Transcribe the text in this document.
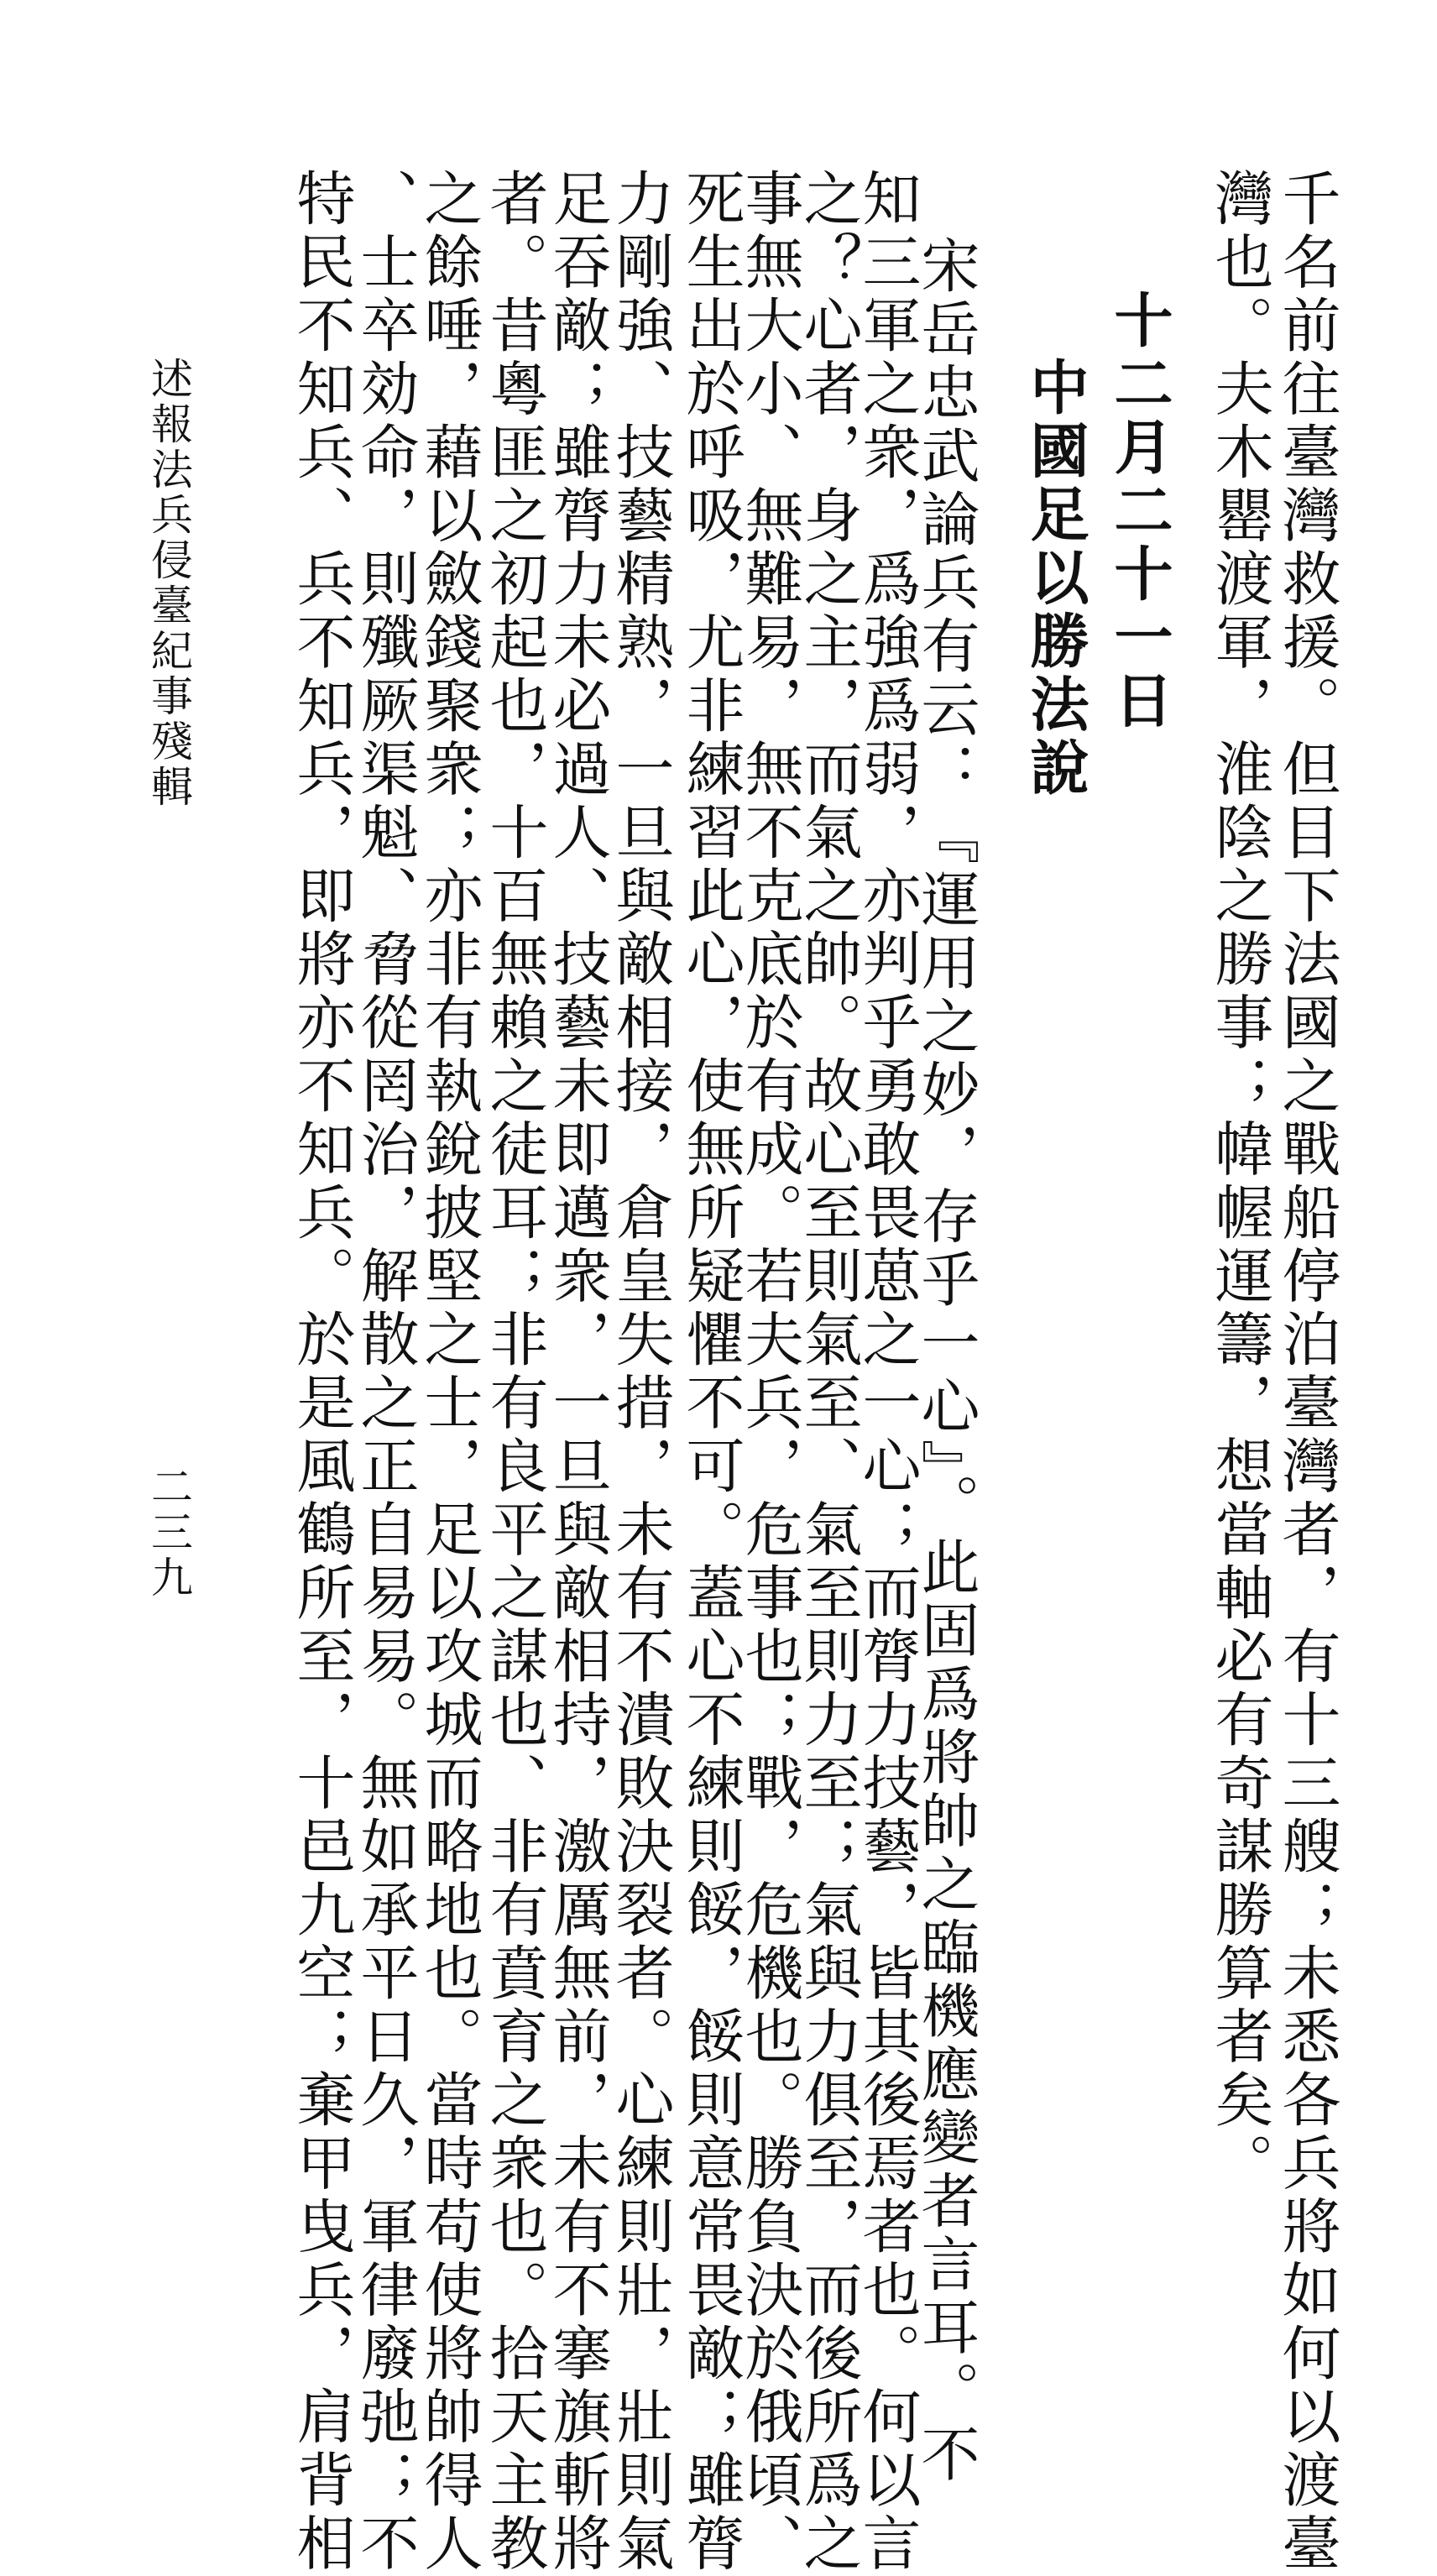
千名前往臺灣救援。但目下法國之戰船停泊臺灣者，有十三艘；未悉各兵將如何以渡臺
灣也。夫木罌渡軍，淮陰之勝事；幃幄運籌，想當軸必有奇謀勝算者矣。
十二月二十一日
中國足以勝法說
宋岳忠武論兵有云：『運用之妙，存乎一心』。此固爲將帥之臨機應變者言耳。不
知三軍之衆，爲強爲弱，亦判乎勇敢畏葸之一心；而膂力技藝，皆其後焉者也。何以言
之？心者，身之主，而氣之帥。故心至則氣至、氣至則力至；氣與力俱至，而後所爲之
事無大小、無難易，無不克底於有成。若夫兵，危事也；戰，危機也。勝負決於俄頃、
死生出於呼吸，尤非練習此心，使無所疑懼不可。蓋心不練則餒，餒則意常畏敵；雖膂
力剛強、技藝精熟，一旦與敵相接，倉皇失措，未有不潰敗決裂者。心練則壯，壯則氣
足吞敵；雖膂力未必過人、技藝未即邁衆，一旦與敵相持，激厲無前，未有不搴旗斬將
者。昔粵匪之初起也，十百無賴之徒耳；非有良平之謀也、非有賁育之衆也。拾天主教
之餘唾，藉以斂錢聚衆；亦非有執銳披堅之士，足以攻城而略地也。當時苟使將帥得人
、士卒効命，則殲厥渠魁、脅從罔治，解散之正自易易。無如承平日久，軍律廢弛；不
特民不知兵、兵不知兵，即將亦不知兵。於是風鶴所至，十邑九空；棄甲曳兵，肩背相
述報法兵侵臺紀事殘輯
二三九
